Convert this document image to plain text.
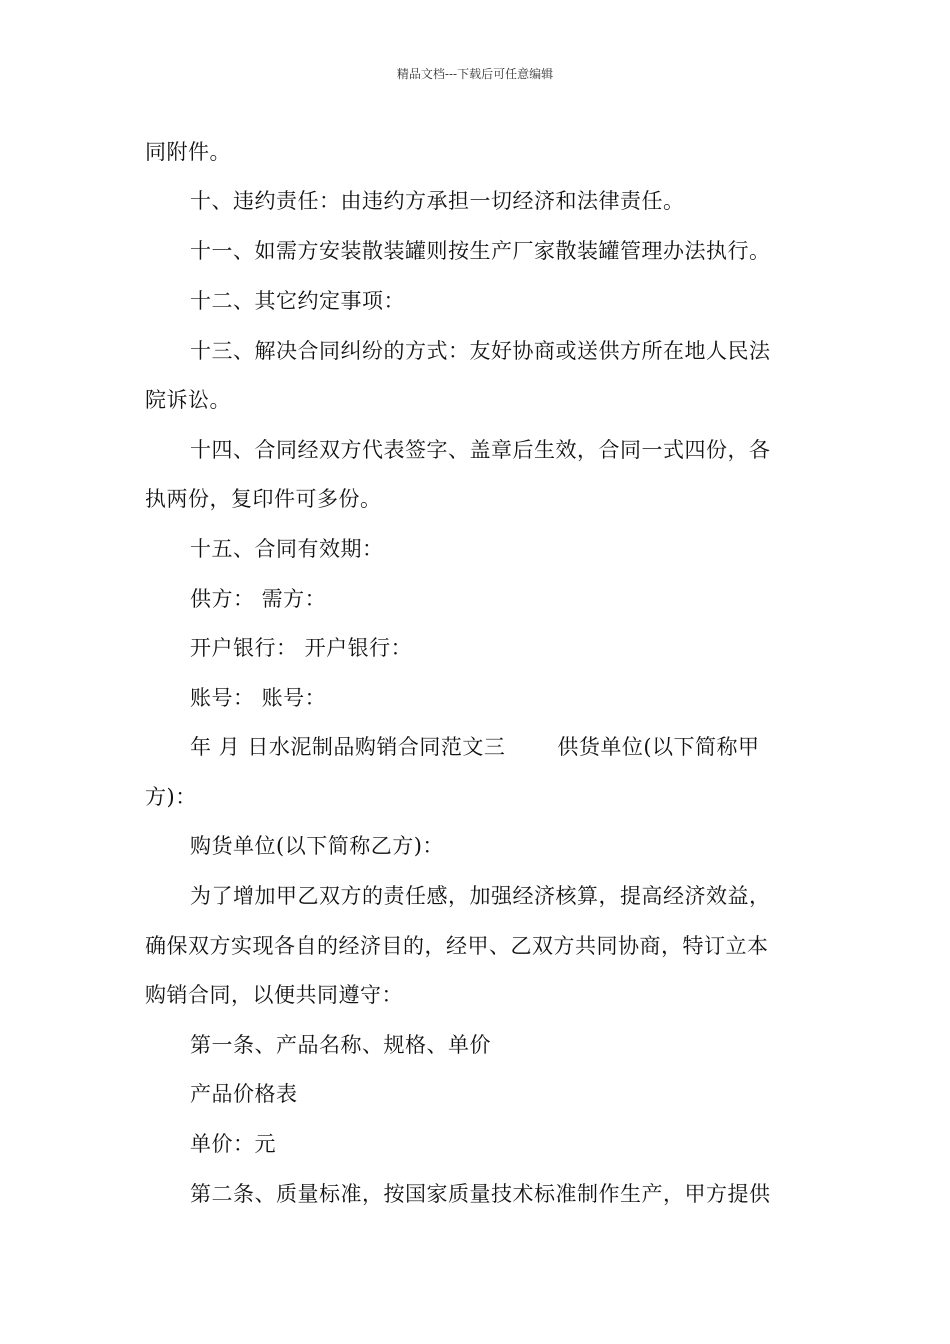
精品文档---下载后可任意编辑
同附件。
十、违约责任：由违约方承担一切经济和法律责任。
十一、如需方安装散装罐则按生产厂家散装罐管理办法执行。
十二、其它约定事项：
十三、解决合同纠纷的方式：友好协商或送供方所在地人民法
院诉讼。
十四、合同经双方代表签字、盖章后生效，合同一式四份，各
执两份，复印件可多份。
十五、合同有效期：
供方： 需方：
开户银行： 开户银行：
账号： 账号：
年 月 日水泥制品购销合同范文三 供货单位(以下简称甲
方)：
购货单位(以下简称乙方)：
为了增加甲乙双方的责任感，加强经济核算，提高经济效益，
确保双方实现各自的经济目的，经甲、乙双方共同协商，特订立本
购销合同，以便共同遵守：
第一条、产品名称、规格、单价
产品价格表
单价：元
第二条、质量标准，按国家质量技术标准制作生产，甲方提供
